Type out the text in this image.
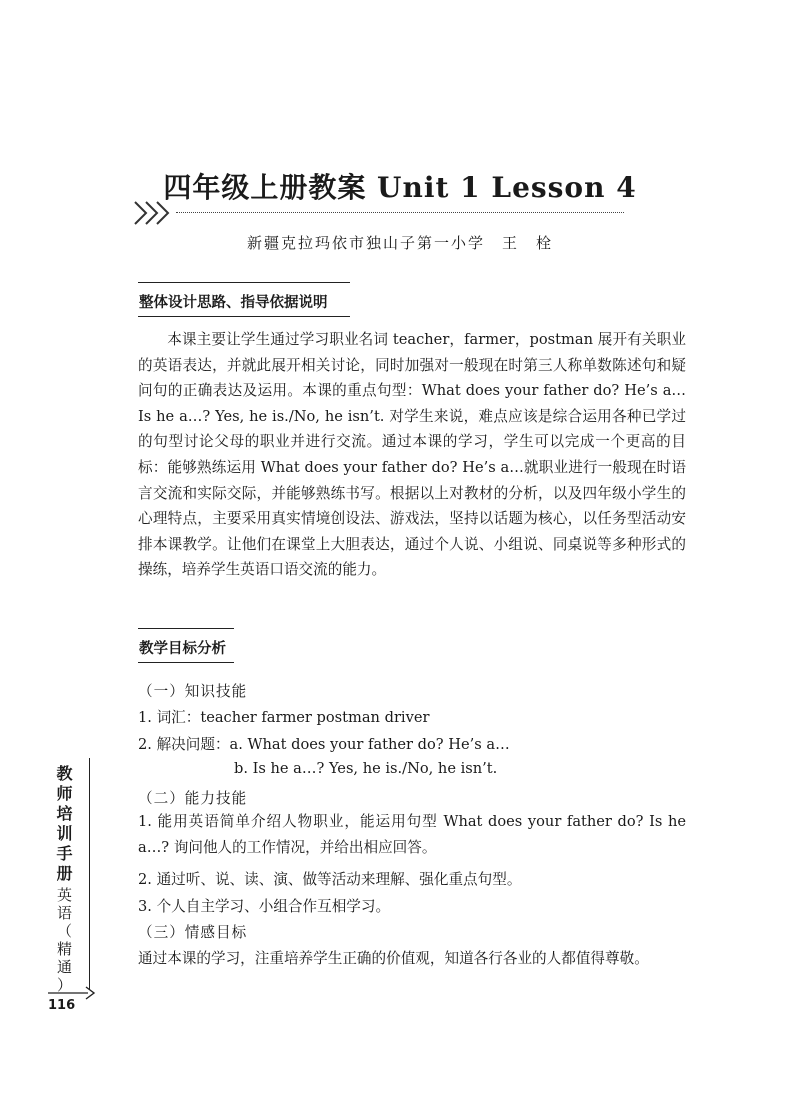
四年级上册教案 Unit 1 Lesson 4
新疆克拉玛依市独山子第一小学　王　栓
整体设计思路、指导依据说明

本课主要让学生通过学习职业名词 teacher，farmer，postman 展开有关职业的英语表达，并就此展开相关讨论，同时加强对一般现在时第三人称单数陈述句和疑问句的正确表达及运用。本课的重点句型：What does your father do? He’s a… Is he a…? Yes, he is./No, he isn’t. 对学生来说，难点应该是综合运用各种已学过的句型讨论父母的职业并进行交流。通过本课的学习，学生可以完成一个更高的目标：能够熟练运用 What does your father do? He’s a…就职业进行一般现在时语言交流和实际交际，并能够熟练书写。根据以上对教材的分析，以及四年级小学生的心理特点，主要采用真实情境创设法、游戏法，坚持以话题为核心，以任务型活动安排本课教学。让他们在课堂上大胆表达，通过个人说、小组说、同桌说等多种形式的操练，培养学生英语口语交流的能力。

教学目标分析
（一）知识技能
1. 词汇：teacher farmer postman driver
2. 解决问题：a. What does your father do? He’s a…
b. Is he a…? Yes, he is./No, he isn’t.
（二）能力技能

1. 能用英语简单介绍人物职业，能运用句型 What does your father do? Is he a…? 询问他人的工作情况，并给出相应回答。

2. 通过听、说、读、演、做等活动来理解、强化重点句型。
3. 个人自主学习、小组合作互相学习。
（三）情感目标
通过本课的学习，注重培养学生正确的价值观，知道各行各业的人都值得尊敬。
教
师
培
训
手
册
英
语
（
精
通
）
116
